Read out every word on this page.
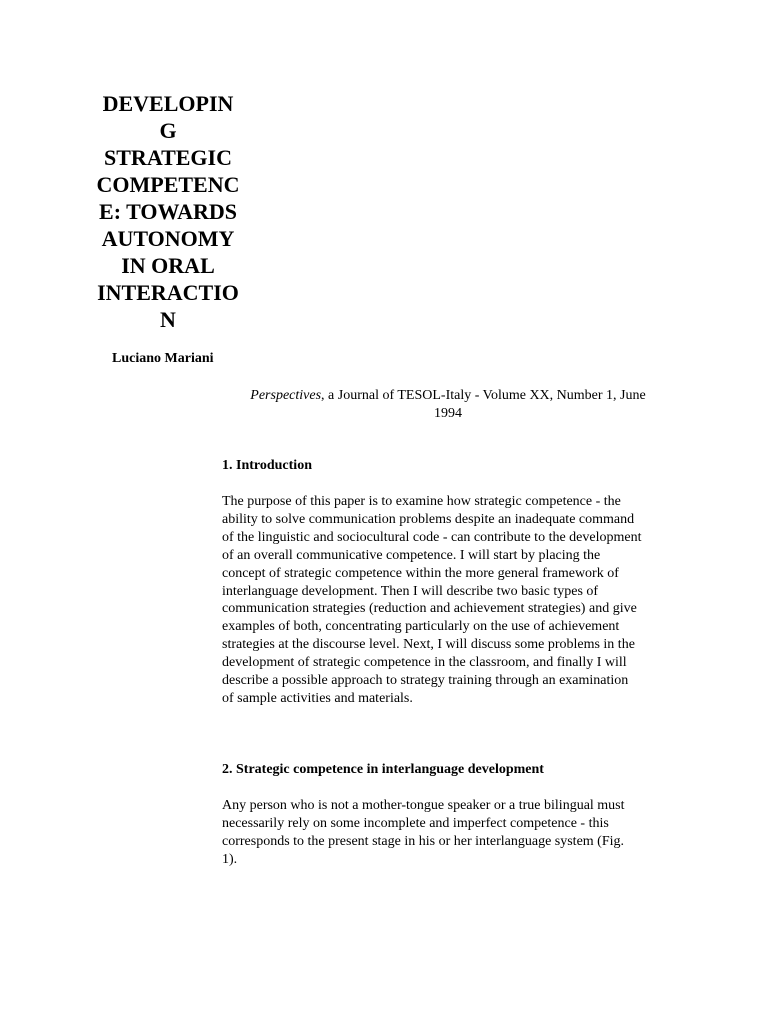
DEVELOPIN
G
STRATEGIC
COMPETENC
E: TOWARDS
AUTONOMY
IN ORAL
INTERACTIO
N

Luciano Mariani

Perspectives, a Journal of TESOL-Italy - Volume XX, Number 1, June
1994

1. Introduction

The purpose of this paper is to examine how strategic competence - the
ability to solve communication problems despite an inadequate command
of the linguistic and sociocultural code - can contribute to the development
of an overall communicative competence. I will start by placing the
concept of strategic competence within the more general framework of
interlanguage development. Then I will describe two basic types of
communication strategies (reduction and achievement strategies) and give
examples of both, concentrating particularly on the use of achievement
strategies at the discourse level. Next, I will discuss some problems in the
development of strategic competence in the classroom, and finally I will
describe a possible approach to strategy training through an examination
of sample activities and materials.

2. Strategic competence in interlanguage development

Any person who is not a mother-tongue speaker or a true bilingual must
necessarily rely on some incomplete and imperfect competence - this
corresponds to the present stage in his or her interlanguage system (Fig.
1).
